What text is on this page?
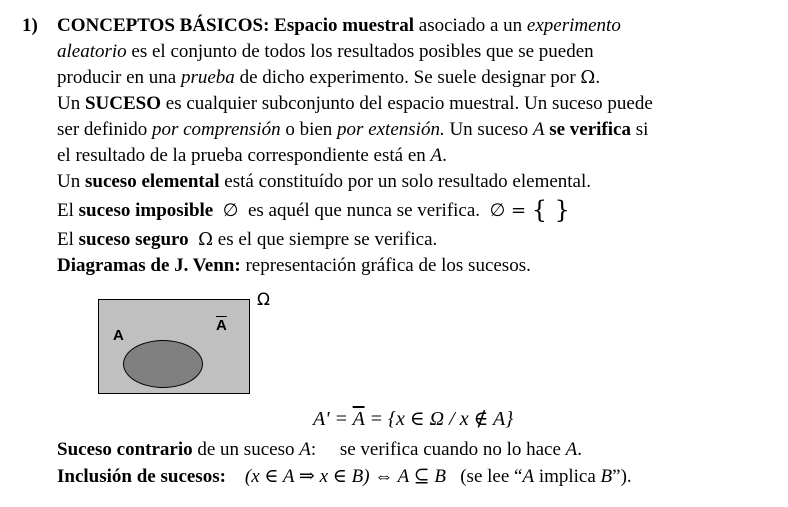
1) CONCEPTOS BÁSICOS: Espacio muestral asociado a un experimento
aleatorio es el conjunto de todos los resultados posibles que se pueden
producir en una prueba de dicho experimento. Se suele designar por Ω.
Un SUCESO es cualquier subconjunto del espacio muestral. Un suceso puede
ser definido por comprensión o bien por extensión. Un suceso A se verifica si
el resultado de la prueba correspondiente está en A.
Un suceso elemental está constituído por un solo resultado elemental.
El suceso imposible ∅  es aquél que nunca se verifica. ∅ = { }
El suceso seguro Ω es el que siempre se verifica.
Diagramas de J. Venn: representación gráfica de los sucesos.
A
$\overline{A}$
Ω
$A' = \overline{A} = \{x$ ∈ Ω / x ∉ A}
Suceso contrario de un suceso A: se verifica cuando no lo hace A.
Inclusión de sucesos: (x ∈ A ⇒ x ∈ B) ⇔ A ⊆ B (se lee “A implica B”).
